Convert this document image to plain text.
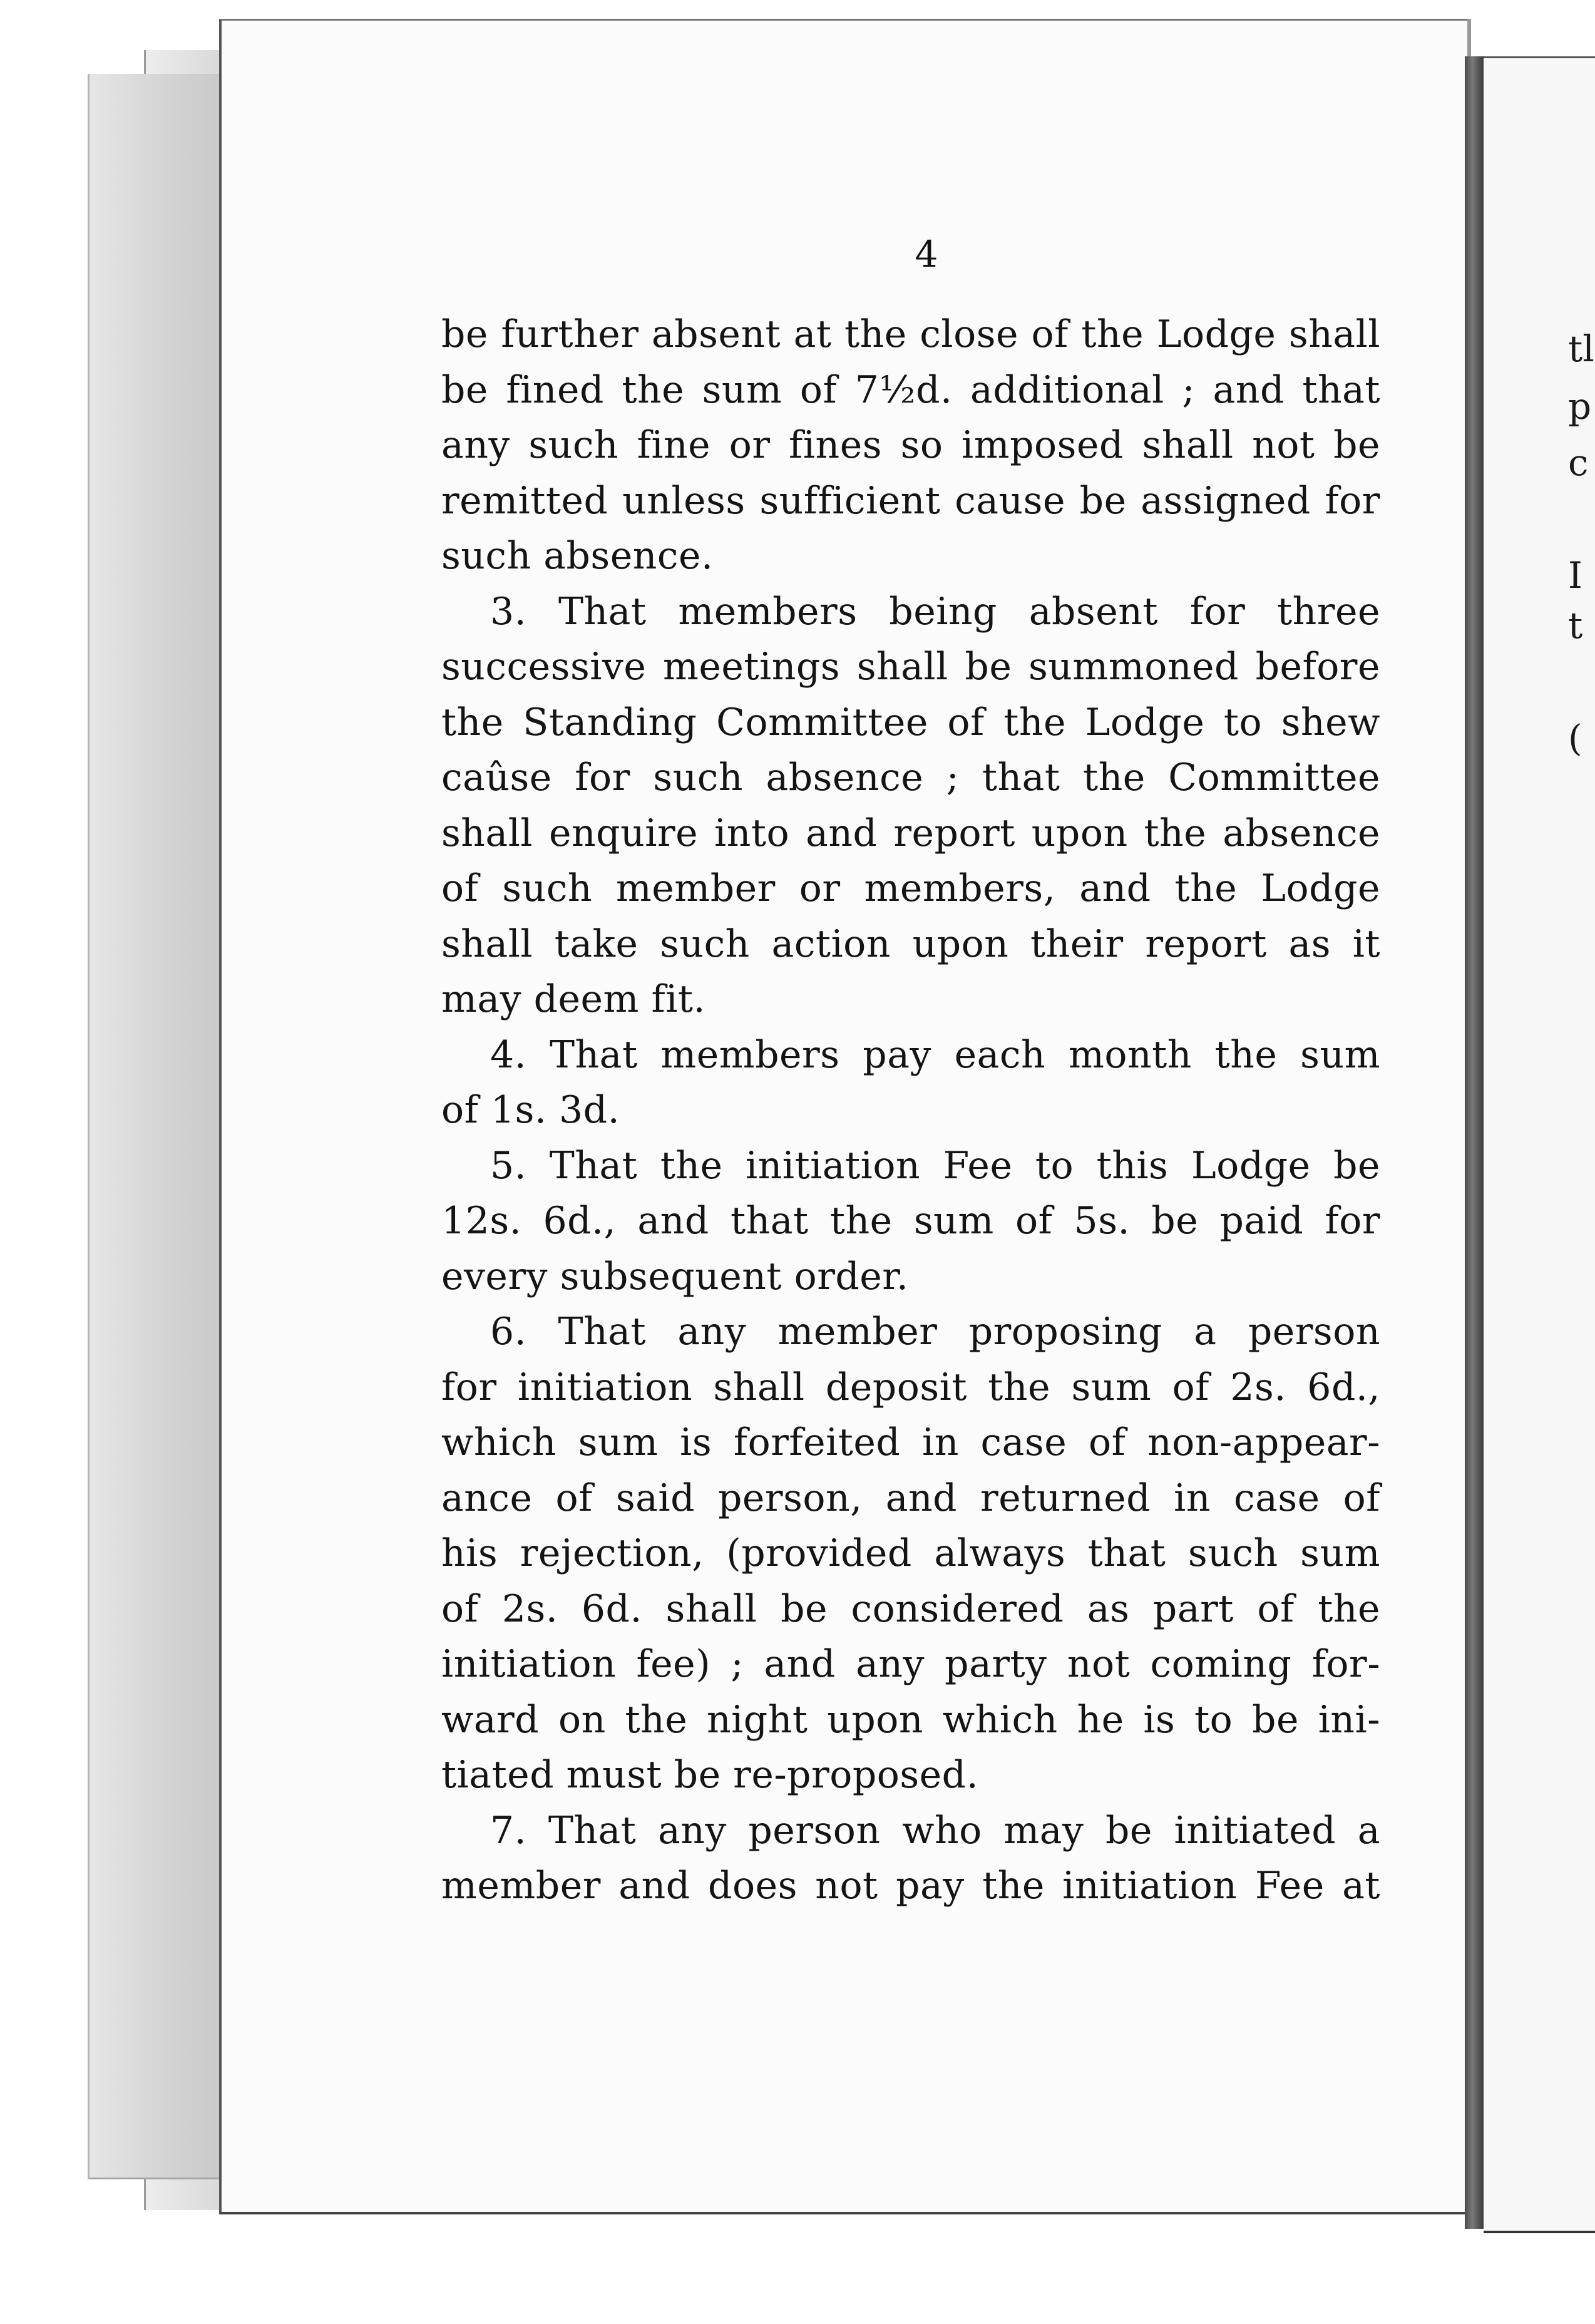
tl
p
c
I
t
(
4

be further absent at the close of the Lodge shall

be fined the sum of 7½d. additional ; and that

any such fine or fines so imposed shall not be

remitted unless sufficient cause be assigned for

such absence.

3. That members being absent for three

successive meetings shall be summoned before

the Standing Committee of the Lodge to shew

caûse for such absence ; that the Committee

shall enquire into and report upon the absence

of such member or members, and the Lodge

shall take such action upon their report as it

may deem fit.

4. That members pay each month the sum

of 1s. 3d.

5. That the initiation Fee to this Lodge be

12s. 6d., and that the sum of 5s. be paid for

every subsequent order.

6. That any member proposing a person

for initiation shall deposit the sum of 2s. 6d.,

which sum is forfeited in case of non-appear-

ance of said person, and returned in case of

his rejection, (provided always that such sum

of 2s. 6d. shall be considered as part of the

initiation fee) ; and any party not coming for-

ward on the night upon which he is to be ini-

tiated must be re-proposed.

7. That any person who may be initiated a

member and does not pay the initiation Fee at
